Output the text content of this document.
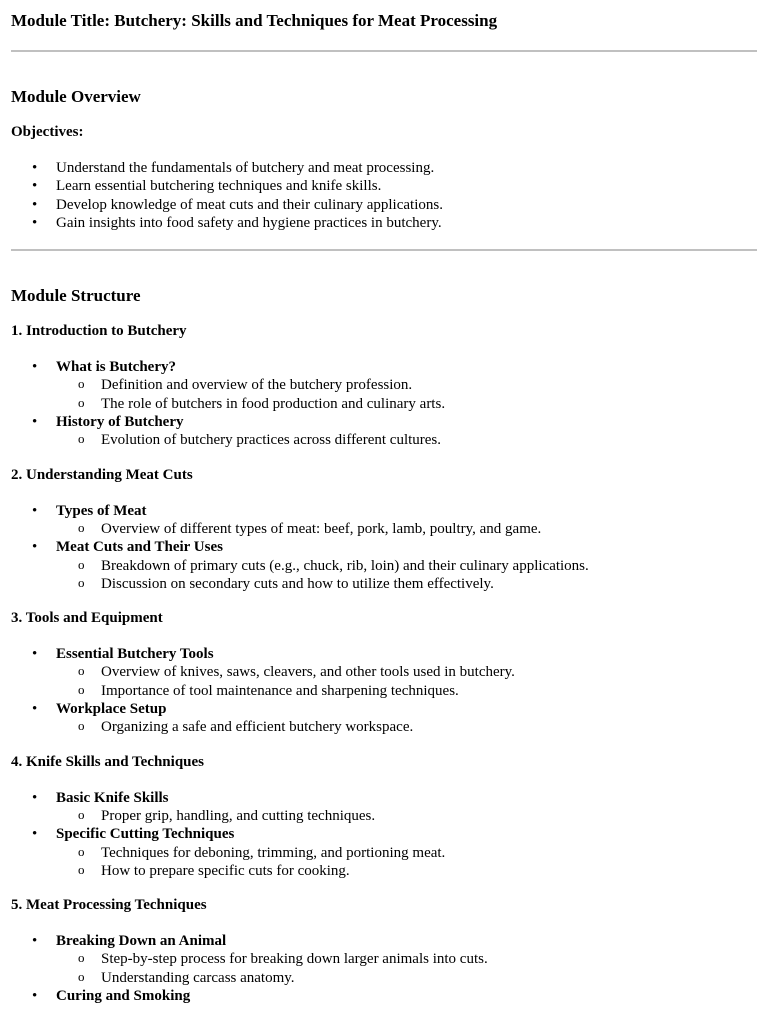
Module Title: Butchery: Skills and Techniques for Meat Processing
Module Overview
Objectives:
• Understand the fundamentals of butchery and meat processing.
• Learn essential butchering techniques and knife skills.
• Develop knowledge of meat cuts and their culinary applications.
• Gain insights into food safety and hygiene practices in butchery.
Module Structure
1. Introduction to Butchery
• What is Butchery?
o Definition and overview of the butchery profession.
o The role of butchers in food production and culinary arts.
• History of Butchery
o Evolution of butchery practices across different cultures.
2. Understanding Meat Cuts
• Types of Meat
o Overview of different types of meat: beef, pork, lamb, poultry, and game.
• Meat Cuts and Their Uses
o Breakdown of primary cuts (e.g., chuck, rib, loin) and their culinary applications.
o Discussion on secondary cuts and how to utilize them effectively.
3. Tools and Equipment
• Essential Butchery Tools
o Overview of knives, saws, cleavers, and other tools used in butchery.
o Importance of tool maintenance and sharpening techniques.
• Workplace Setup
o Organizing a safe and efficient butchery workspace.
4. Knife Skills and Techniques
• Basic Knife Skills
o Proper grip, handling, and cutting techniques.
• Specific Cutting Techniques
o Techniques for deboning, trimming, and portioning meat.
o How to prepare specific cuts for cooking.
5. Meat Processing Techniques
• Breaking Down an Animal
o Step-by-step process for breaking down larger animals into cuts.
o Understanding carcass anatomy.
• Curing and Smoking
